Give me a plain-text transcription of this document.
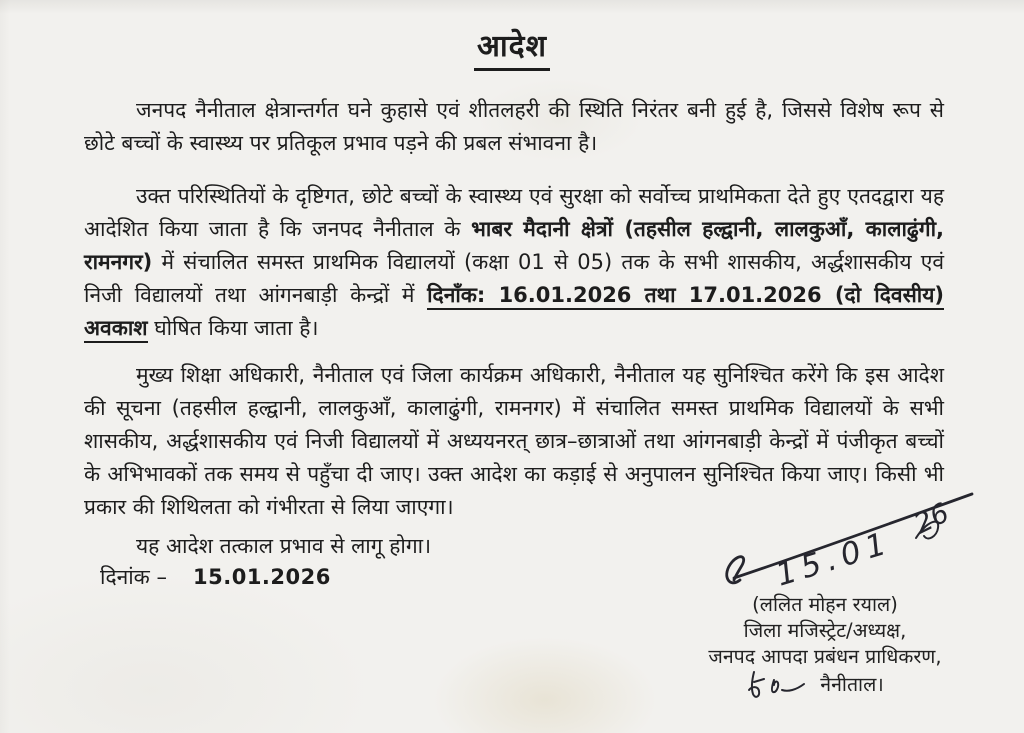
आदेश

जनपद नैनीताल क्षेत्रान्तर्गत घने कुहासे एवं शीतलहरी की स्थिति निरंतर बनी हुई है, जिससे विशेष रूप से छोटे बच्चों के स्वास्थ्य पर प्रतिकूल प्रभाव पड़ने की प्रबल संभावना है।

उक्त परिस्थितियों के दृष्टिगत, छोटे बच्चों के स्वास्थ्य एवं सुरक्षा को सर्वोच्च प्राथमिकता देते हुए एतदद्वारा यह आदेशित किया जाता है कि जनपद नैनीताल के भाबर मैदानी क्षेत्रों (तहसील हल्द्वानी, लालकुआँ, कालाढुंगी, रामनगर) में संचालित समस्त प्राथमिक विद्यालयों (कक्षा 01 से 05) तक के सभी शासकीय, अर्द्धशासकीय एवं निजी विद्यालयों तथा आंगनबाड़ी केन्द्रों में दिनाँक: 16.01.2026 तथा 17.01.2026 (दो दिवसीय) अवकाश घोषित किया जाता है।

मुख्य शिक्षा अधिकारी, नैनीताल एवं जिला कार्यक्रम अधिकारी, नैनीताल यह सुनिश्चित करेंगे कि इस आदेश की सूचना (तहसील हल्द्वानी, लालकुआँ, कालाढुंगी, रामनगर) में संचालित समस्त प्राथमिक विद्यालयों के सभी शासकीय, अर्द्धशासकीय एवं निजी विद्यालयों में अध्ययनरत् छात्र–छात्राओं तथा आंगनबाड़ी केन्द्रों में पंजीकृत बच्चों के अभिभावकों तक समय से पहुँचा दी जाए। उक्त आदेश का कड़ाई से अनुपालन सुनिश्चित किया जाए। किसी भी प्रकार की शिथिलता को गंभीरता से लिया जाएगा।

यह आदेश तत्काल प्रभाव से लागू होगा।

दिनांक – 15.01.2026	15.01
26
(ललित मोहन रयाल)
जिला मजिस्ट्रेट/अध्यक्ष,
जनपद आपदा प्रबंधन प्राधिकरण,
नैनीताल।
